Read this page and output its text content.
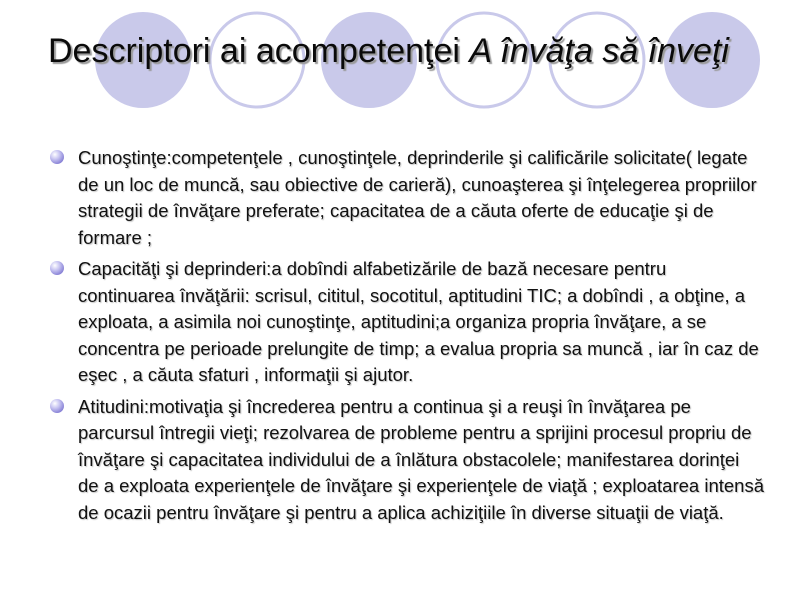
Descriptori ai acompetenţei A învăţa să înveţi
Cunoştinţe:competenţele , cunoştinţele, deprinderile şi calificările solicitate( legate de un loc de muncă, sau obiective de carieră), cunoaşterea şi înţelegerea propriilor strategii de învăţare preferate; capacitatea de a căuta oferte de educaţie şi de formare ;
Capacităţi şi deprinderi:a dobîndi alfabetizările de bază necesare pentru continuarea învăţării: scrisul, cititul, socotitul, aptitudini TIC; a dobîndi , a obţine, a exploata, a asimila noi cunoştinţe, aptitudini;a organiza propria învăţare, a se concentra pe perioade prelungite de timp; a evalua propria sa muncă , iar în caz de eşec , a căuta sfaturi , informaţii şi ajutor.
Atitudini:motivaţia şi încrederea pentru a continua şi a reuşi în învăţarea pe parcursul întregii vieţi; rezolvarea de probleme pentru a sprijini procesul propriu de învăţare şi capacitatea individului de a înlătura obstacolele; manifestarea dorinţei de a exploata experienţele de învăţare şi experienţele de viaţă ; exploatarea intensă de ocazii pentru învăţare şi pentru a aplica achiziţiile în diverse situaţii de viaţă.
